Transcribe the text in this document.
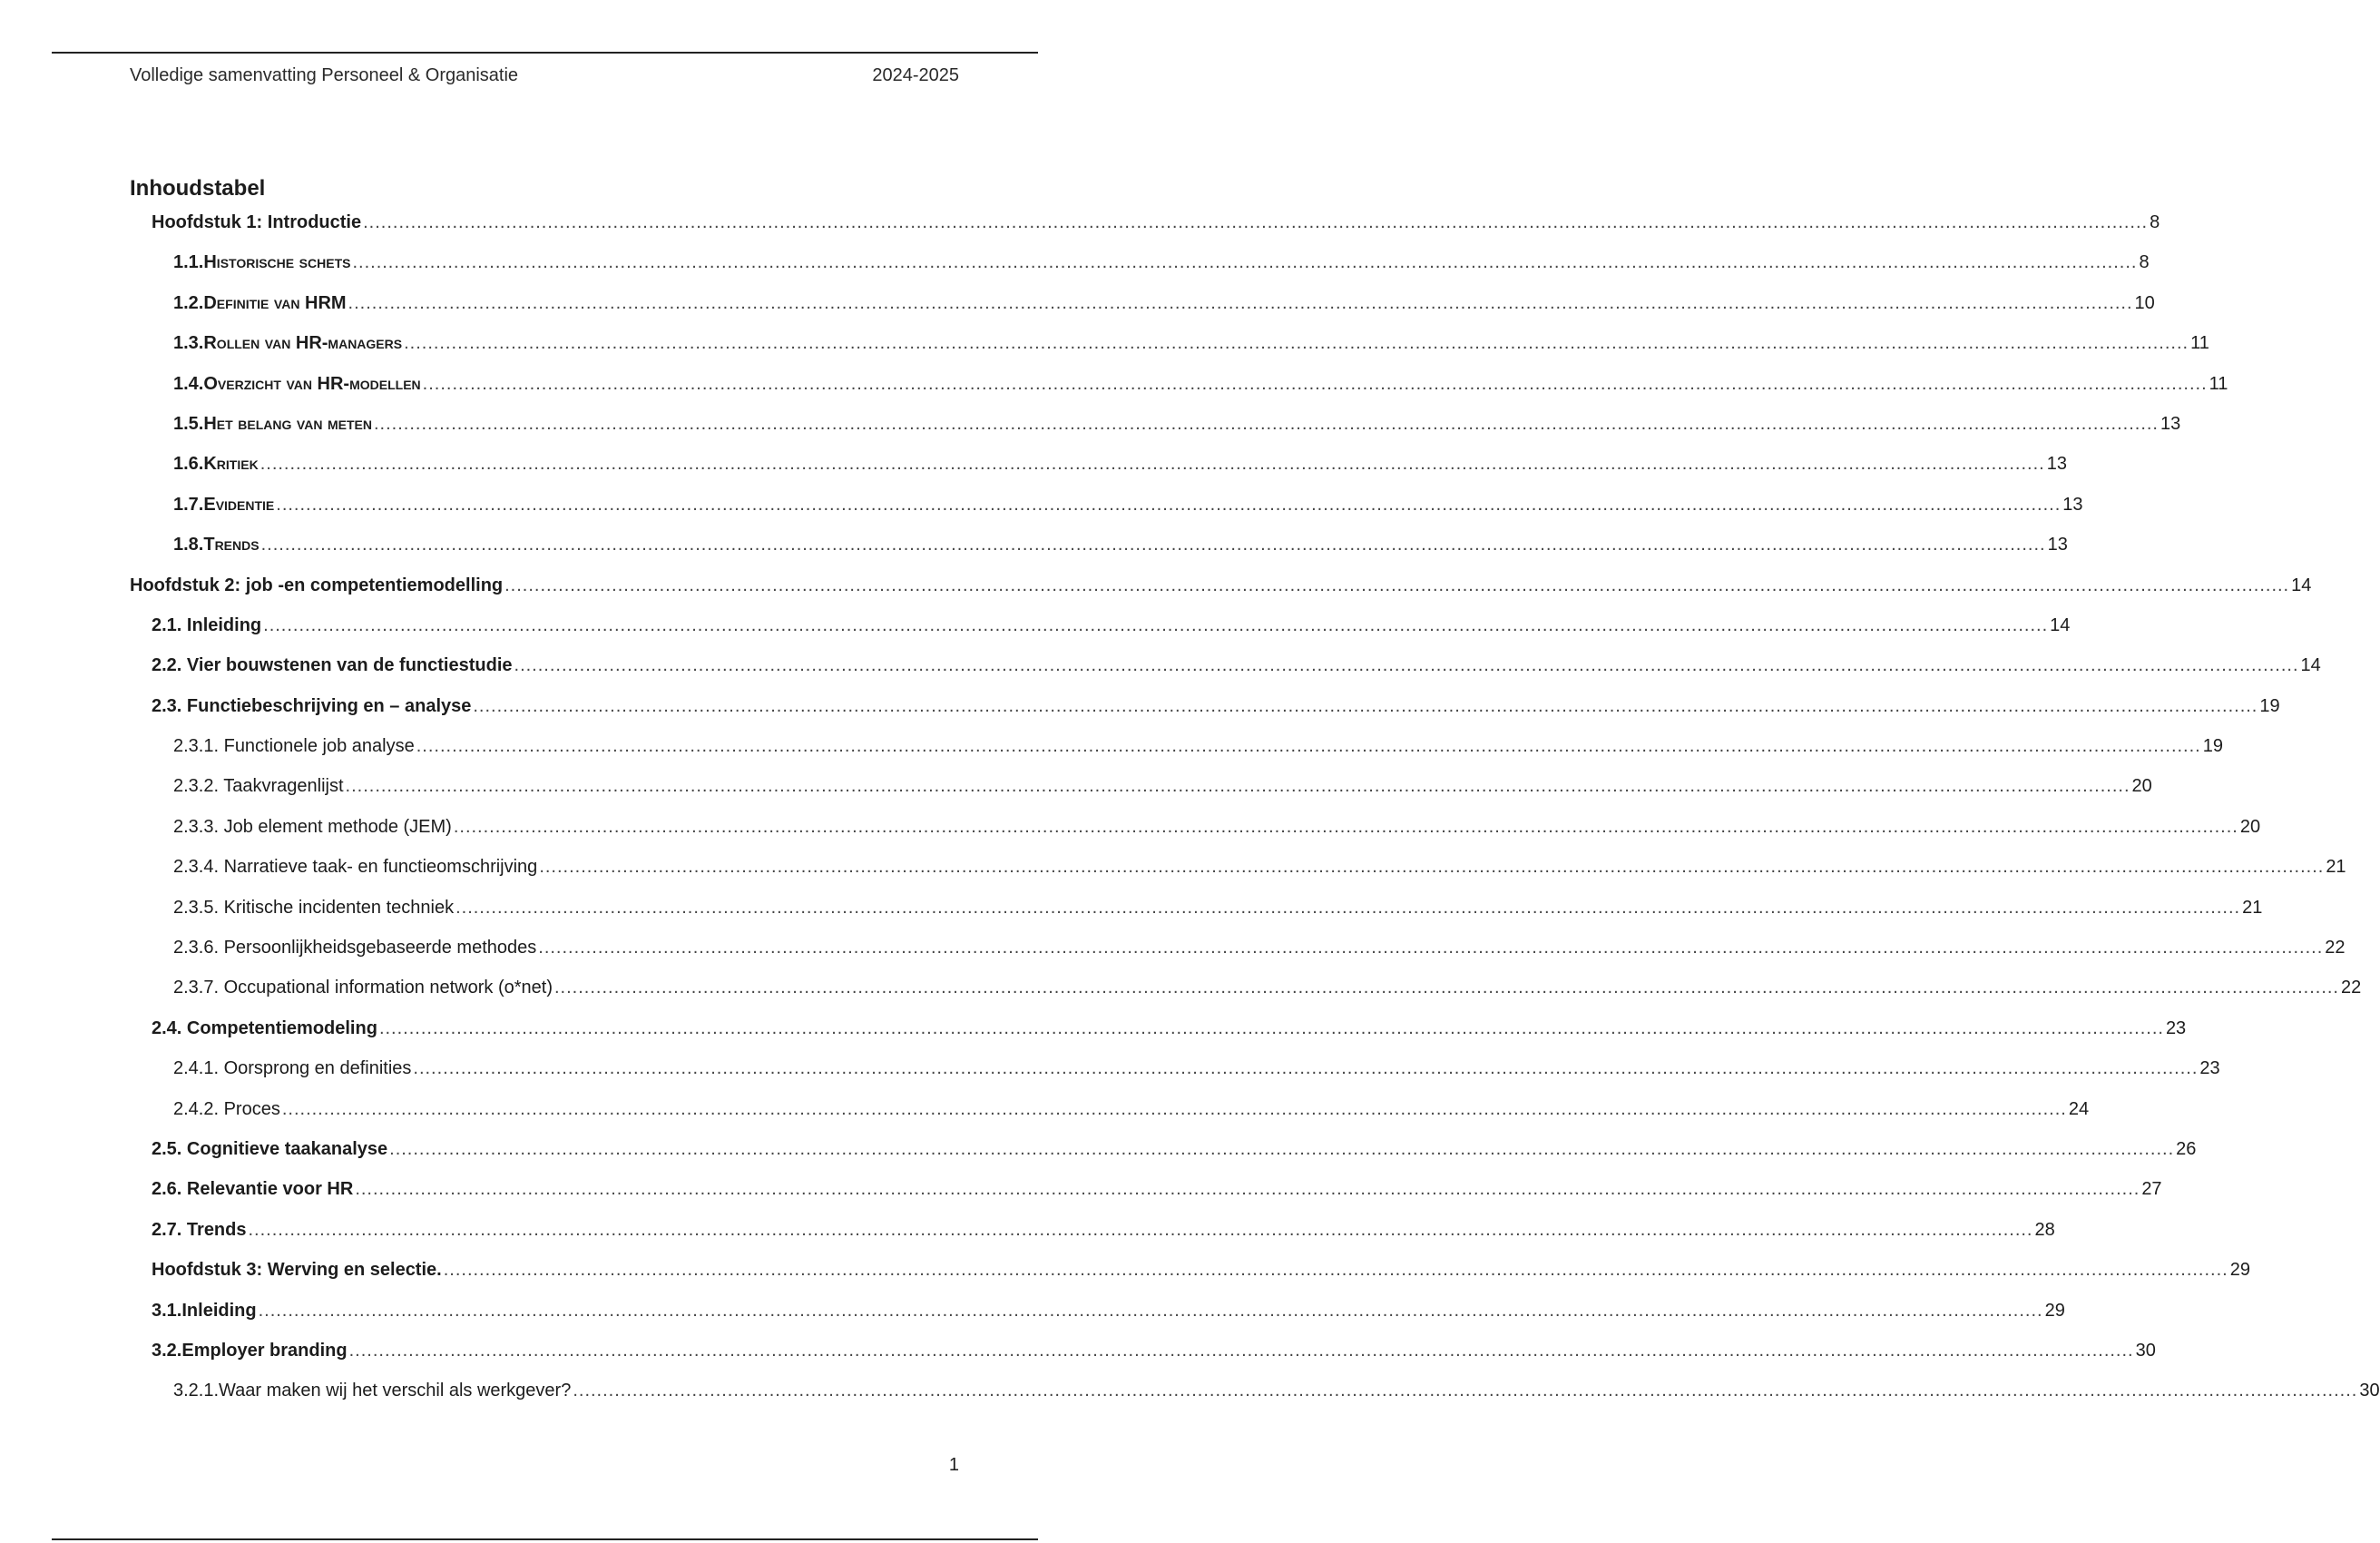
Volledige samenvatting Personeel & Organisatie	2024-2025
Inhoudstabel
Hoofdstuk 1: Introductie ............................................................................................................................................................................................................................................................................................................ 8
1.1. Historische schets ............................................................................................................................................................................................................................................................................................................ 8
1.2. Definitie van HRM ............................................................................................................................................................................................................................................................................................................ 10
1.3. Rollen van HR-managers ............................................................................................................................................................................................................................................................................................................ 11
1.4. Overzicht van HR-modellen ............................................................................................................................................................................................................................................................................................................ 11
1.5. Het belang van meten ............................................................................................................................................................................................................................................................................................................ 13
1.6. Kritiek ............................................................................................................................................................................................................................................................................................................ 13
1.7. Evidentie ............................................................................................................................................................................................................................................................................................................ 13
1.8. Trends ............................................................................................................................................................................................................................................................................................................ 13
Hoofdstuk 2: job -en competentiemodelling ............................................................................................................................................................................................................................................................................................................ 14
2.1. Inleiding ............................................................................................................................................................................................................................................................................................................ 14
2.2. Vier bouwstenen van de functiestudie ............................................................................................................................................................................................................................................................................................................ 14
2.3. Functiebeschrijving en – analyse ............................................................................................................................................................................................................................................................................................................ 19
2.3.1. Functionele job analyse ............................................................................................................................................................................................................................................................................................................ 19
2.3.2. Taakvragenlijst ............................................................................................................................................................................................................................................................................................................ 20
2.3.3. Job element methode (JEM) ............................................................................................................................................................................................................................................................................................................ 20
2.3.4. Narratieve taak- en functieomschrijving ............................................................................................................................................................................................................................................................................................................ 21
2.3.5. Kritische incidenten techniek ............................................................................................................................................................................................................................................................................................................ 21
2.3.6. Persoonlijkheidsgebaseerde methodes ............................................................................................................................................................................................................................................................................................................ 22
2.3.7. Occupational information network (o*net) ............................................................................................................................................................................................................................................................................................................ 22
2.4. Competentiemodeling ............................................................................................................................................................................................................................................................................................................ 23
2.4.1. Oorsprong en definities ............................................................................................................................................................................................................................................................................................................ 23
2.4.2. Proces ............................................................................................................................................................................................................................................................................................................ 24
2.5. Cognitieve taakanalyse ............................................................................................................................................................................................................................................................................................................ 26
2.6. Relevantie voor HR ............................................................................................................................................................................................................................................................................................................ 27
2.7. Trends ............................................................................................................................................................................................................................................................................................................ 28
Hoofdstuk 3: Werving en selectie. ............................................................................................................................................................................................................................................................................................................ 29
3.1. Inleiding ............................................................................................................................................................................................................................................................................................................ 29
3.2. Employer branding ............................................................................................................................................................................................................................................................................................................ 30
3.2.1. Waar maken wij het verschil als werkgever? ............................................................................................................................................................................................................................................................................................................ 30
1
